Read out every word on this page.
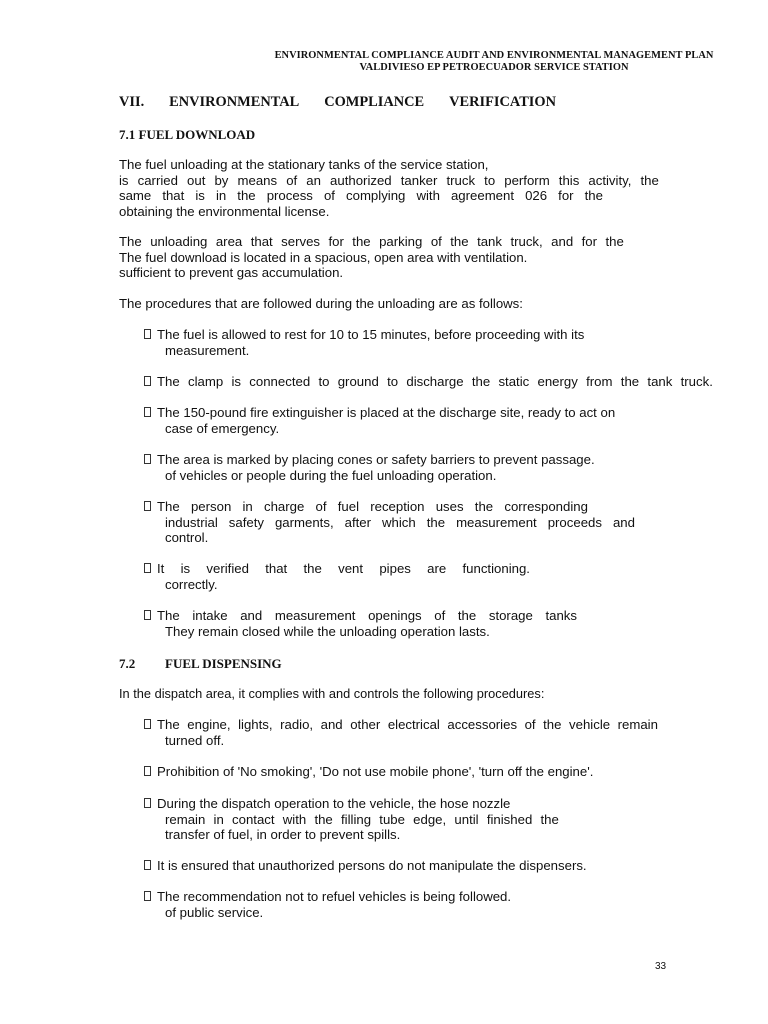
ENVIRONMENTAL COMPLIANCE AUDIT AND ENVIRONMENTAL MANAGEMENT PLAN
VALDIVIESO EP PETROECUADOR SERVICE STATION
VII. ENVIRONMENTAL COMPLIANCE VERIFICATION
7.1 FUEL DOWNLOAD
The fuel unloading at the stationary tanks of the service station,
is carried out by means of an authorized tanker truck to perform this activity, the
same that is in the process of complying with agreement 026 for the
obtaining the environmental license.
The unloading area that serves for the parking of the tank truck, and for the
The fuel download is located in a spacious, open area with ventilation.
sufficient to prevent gas accumulation.
The procedures that are followed during the unloading are as follows:
The fuel is allowed to rest for 10 to 15 minutes, before proceeding with its
measurement.
The clamp is connected to ground to discharge the static energy from the tank truck.
The 150-pound fire extinguisher is placed at the discharge site, ready to act on
case of emergency.
The area is marked by placing cones or safety barriers to prevent passage.
of vehicles or people during the fuel unloading operation.
The person in charge of fuel reception uses the corresponding
industrial safety garments, after which the measurement proceeds and
control.
It is verified that the vent pipes are functioning.
correctly.
The intake and measurement openings of the storage tanks
They remain closed while the unloading operation lasts.
7.2 FUEL DISPENSING
In the dispatch area, it complies with and controls the following procedures:
The engine, lights, radio, and other electrical accessories of the vehicle remain
turned off.
Prohibition of 'No smoking', 'Do not use mobile phone', 'turn off the engine'.
During the dispatch operation to the vehicle, the hose nozzle
remain in contact with the filling tube edge, until finished the
transfer of fuel, in order to prevent spills.
It is ensured that unauthorized persons do not manipulate the dispensers.
The recommendation not to refuel vehicles is being followed.
of public service.
33
